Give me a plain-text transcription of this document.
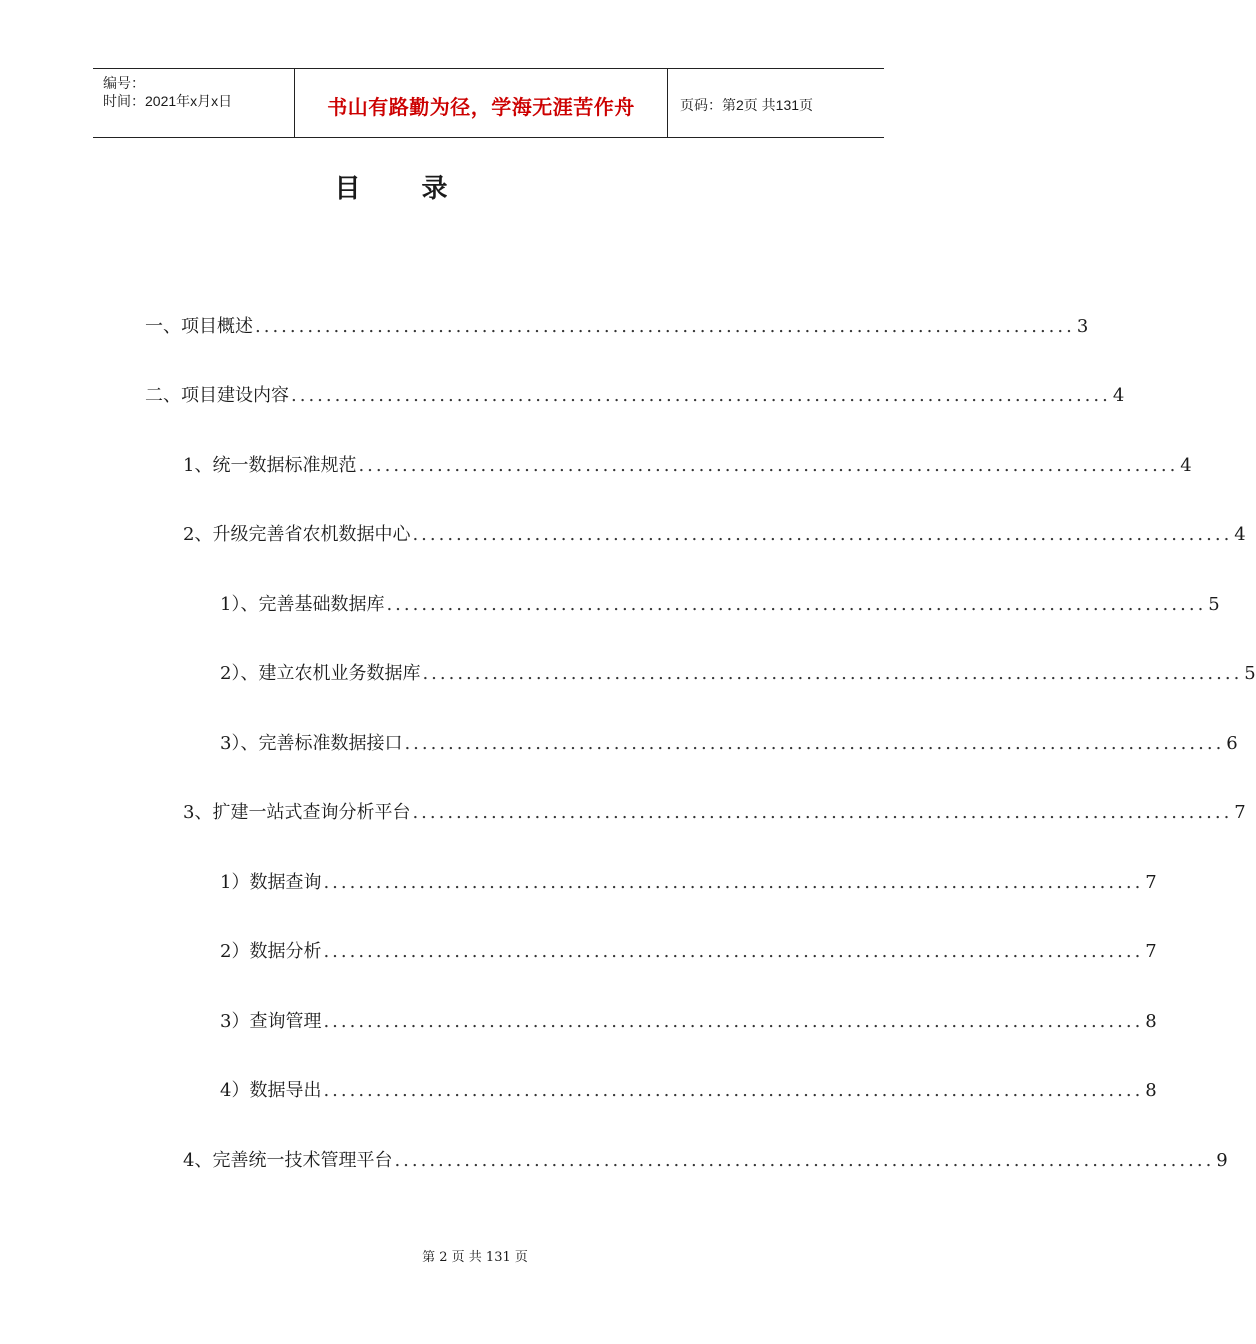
编号：
时间：2021年x月x日	书山有路勤为径，学海无涯苦作舟	页码：第2页 共131页
目 录
一、项目概述 .............................................................................................. 3
二、项目建设内容 .............................................................................................. 4
1、统一数据标准规范 .............................................................................................. 4
2、升级完善省农机数据中心 .............................................................................................. 4
1）、完善基础数据库 .............................................................................................. 5
2）、建立农机业务数据库 .............................................................................................. 5
3）、完善标准数据接口 .............................................................................................. 6
3、扩建一站式查询分析平台 .............................................................................................. 7
1）数据查询 .............................................................................................. 7
2）数据分析 .............................................................................................. 7
3）查询管理 .............................................................................................. 8
4）数据导出 .............................................................................................. 8
4、完善统一技术管理平台 .............................................................................................. 9
第 2 页 共 131 页
